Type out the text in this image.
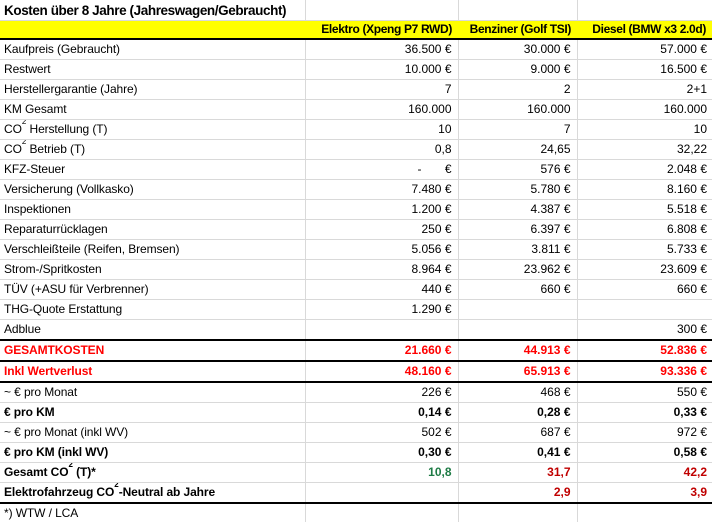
Kosten über 8 Jahre (Jahreswagen/Gebraucht)			
	Elektro (Xpeng P7 RWD)	Benziner (Golf TSI)	Diesel (BMW x3 2.0d)
Kaufpreis (Gebraucht)	36.500 €	30.000 €	57.000 €
Restwert	10.000 €	9.000 €	16.500 €
Herstellergarantie (Jahre)	7	2	2+1
KM Gesamt	160.000	160.000	160.000
$CO^2$ Herstellung (T)	10	7	10
$CO^2$ Betrieb (T)	0,8	24,65	32,22
KFZ-Steuer	-       €	576 €	2.048 €
Versicherung (Vollkasko)	7.480 €	5.780 €	8.160 €
Inspektionen	1.200 €	4.387 €	5.518 €
Reparaturrücklagen	250 €	6.397 €	6.808 €
Verschleißteile (Reifen, Bremsen)	5.056 €	3.811 €	5.733 €
Strom-/Spritkosten	8.964 €	23.962 €	23.609 €
TÜV (+ASU für Verbrenner)	440 €	660 €	660 €
THG-Quote Erstattung	1.290 €		
Adblue			300 €
GESAMTKOSTEN	21.660 €	44.913 €	52.836 €
Inkl Wertverlust	48.160 €	65.913 €	93.336 €
~ € pro Monat	226 €	468 €	550 €
€ pro KM	0,14 €	0,28 €	0,33 €
~ € pro Monat (inkl WV)	502 €	687 €	972 €
€ pro KM (inkl WV)	0,30 €	0,41 €	0,58 €
Gesamt $CO^2$ (T)*	10,8	31,7	42,2
Elektrofahrzeug $CO^2$-Neutral ab Jahre		2,9	3,9
*) WTW / LCA			
